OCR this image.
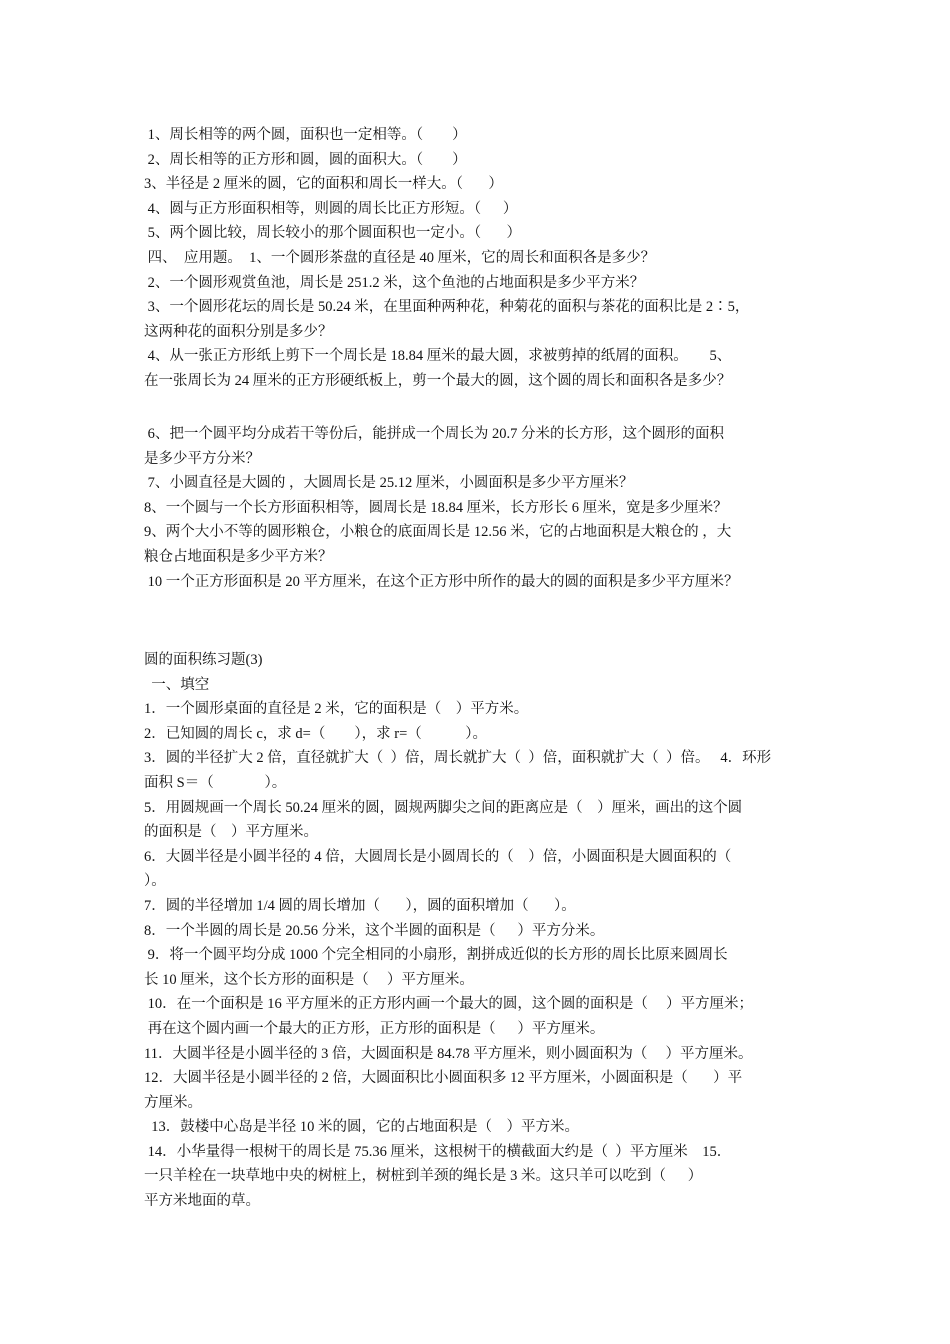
1、周长相等的两个圆，面积也一定相等。（        ）
2、周长相等的正方形和圆，圆的面积大。（        ）
3、半径是 2 厘米的圆，它的面积和周长一样大。（       ）
4、圆与正方形面积相等，则圆的周长比正方形短。（      ）
5、两个圆比较，周长较小的那个圆面积也一定小。（       ）
四、  应用题。  1、一个圆形茶盘的直径是 40 厘米，它的周长和面积各是多少？
2、一个圆形观赏鱼池，周长是 251.2 米，这个鱼池的占地面积是多少平方米？
3、一个圆形花坛的周长是 50.24 米，在里面种两种花，种菊花的面积与茶花的面积比是 2∶5，
这两种花的面积分别是多少？
4、从一张正方形纸上剪下一个周长是 18.84 厘米的最大圆，求被剪掉的纸屑的面积。      5、
在一张周长为 24 厘米的正方形硬纸板上，剪一个最大的圆，这个圆的周长和面积各是多少？
6、把一个圆平均分成若干等份后，能拼成一个周长为 20.7 分米的长方形，这个圆形的面积
是多少平方分米？
7、小圆直径是大圆的 ，大圆周长是 25.12 厘米，小圆面积是多少平方厘米？
8、一个圆与一个长方形面积相等，圆周长是 18.84 厘米，长方形长 6 厘米，宽是多少厘米？
9、两个大小不等的圆形粮仓，小粮仓的底面周长是 12.56 米，它的占地面积是大粮仓的 ，大
粮仓占地面积是多少平方米？
10 一个正方形面积是 20 平方厘米，在这个正方形中所作的最大的圆的面积是多少平方厘米？
圆的面积练习题(3)
一、填空
1．一个圆形桌面的直径是 2 米，它的面积是（    ）平方米。
2．已知圆的周长 c，求 d=（        ），求 r=（            ）。
3．圆的半径扩大 2 倍，直径就扩大（  ）倍，周长就扩大（  ）倍，面积就扩大（  ）倍。   4．环形
面积 S＝（              ）。
5．用圆规画一个周长 50.24 厘米的圆，圆规两脚尖之间的距离应是（    ）厘米，画出的这个圆
的面积是（    ）平方厘米。
6．大圆半径是小圆半径的 4 倍，大圆周长是小圆周长的（    ）倍，小圆面积是大圆面积的（
）。
7．圆的半径增加 1/4 圆的周长增加（       ），圆的面积增加（       ）。
8．一个半圆的周长是 20.56 分米，这个半圆的面积是（      ）平方分米。
9．将一个圆平均分成 1000 个完全相同的小扇形，割拼成近似的长方形的周长比原来圆周长
长 10 厘米，这个长方形的面积是（     ）平方厘米。
10．在一个面积是 16 平方厘米的正方形内画一个最大的圆，这个圆的面积是（     ）平方厘米；
再在这个圆内画一个最大的正方形，正方形的面积是（      ）平方厘米。
11．大圆半径是小圆半径的 3 倍，大圆面积是 84.78 平方厘米，则小圆面积为（     ）平方厘米。
12．大圆半径是小圆半径的 2 倍，大圆面积比小圆面积多 12 平方厘米，小圆面积是（       ）平
方厘米。
13．鼓楼中心岛是半径 10 米的圆，它的占地面积是（    ）平方米。
14．小华量得一根树干的周长是 75.36 厘米，这根树干的横截面大约是（  ）平方厘米    15．
一只羊栓在一块草地中央的树桩上，树桩到羊颈的绳长是 3 米。这只羊可以吃到（      ）
平方米地面的草。
